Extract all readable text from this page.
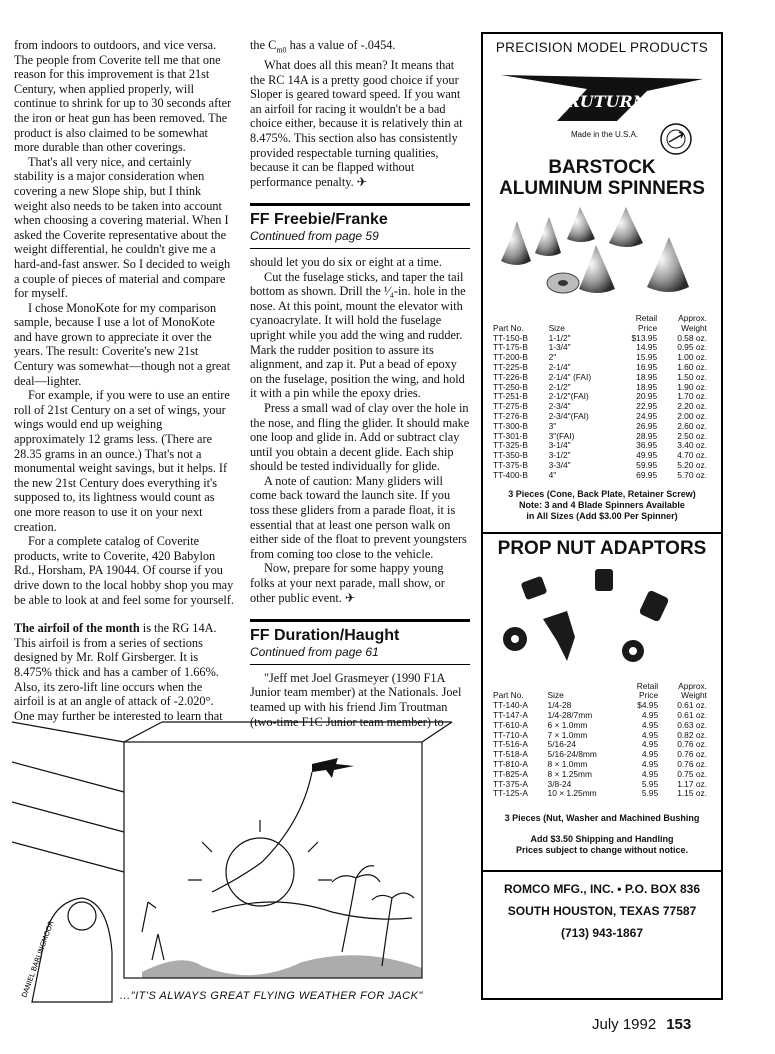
from indoors to outdoors, and vice versa. The people from Coverite tell me that one reason for this improvement is that 21st Century, when applied properly, will continue to shrink for up to 30 seconds after the iron or heat gun has been removed. The product is also claimed to be somewhat more durable than other coverings.

That's all very nice, and certainly stability is a major consideration when covering a new Slope ship, but I think weight also needs to be taken into account when choosing a covering material. When I asked the Coverite representative about the weight differential, he couldn't give me a hard-and-fast answer. So I decided to weigh a couple of pieces of material and compare for myself.

I chose MonoKote for my comparison sample, because I use a lot of MonoKote and have grown to appreciate it over the years. The result: Coverite's new 21st Century was somewhat—though not a great deal—lighter.

For example, if you were to use an entire roll of 21st Century on a set of wings, your wings would end up weighing approximately 12 grams less. (There are 28.35 grams in an ounce.) That's not a monumental weight savings, but it helps. If the new 21st Century does everything it's supposed to, its lightness would count as one more reason to use it on your next creation.

For a complete catalog of Coverite products, write to Coverite, 420 Babylon Rd., Horsham, PA 19044. Of course if you drive down to the local hobby shop you may be able to look at and feel some for yourself.

The airfoil of the month is the RG 14A. This airfoil is from a series of sections designed by Mr. Rolf Girsberger. It is 8.475% thick and has a camber of 1.66%. Also, its zero-lift line occurs when the airfoil is at an angle of attack of -2.020°. One may further be interested to learn that

the $C_{m0}$ has a value of -.0454.

What does all this mean? It means that the RC 14A is a pretty good choice if your Sloper is geared toward speed. If you want an airfoil for racing it wouldn't be a bad choice either, because it is relatively thin at 8.475%. This section also has consistently provided respectable turning qualities, because it can be flapped without performance penalty. ✈

FF Freebie/Franke
Continued from page 59

should let you do six or eight at a time.

Cut the fuselage sticks, and taper the tail bottom as shown. Drill the ¹⁄₄-in. hole in the nose. At this point, mount the elevator with cyanoacrylate. It will hold the fuselage upright while you add the wing and rudder. Mark the rudder position to assure its alignment, and zap it. Put a bead of epoxy on the fuselage, position the wing, and hold it with a pin while the epoxy dries.

Press a small wad of clay over the hole in the nose, and fling the glider. It should make one loop and glide in. Add or subtract clay until you obtain a decent glide. Each ship should be tested individually for glide.

A note of caution: Many gliders will come back toward the launch site. If you toss these gliders from a parade float, it is essential that at least one person walk on either side of the float to prevent youngsters from coming too close to the vehicle.

Now, prepare for some happy young folks at your next parade, mall show, or other public event. ✈

FF Duration/Haught
Continued from page 61

"Jeff met Joel Grasmeyer (1990 F1A Junior team member) at the Nationals. Joel teamed up with his friend Jim Troutman (two-time F1C Junior team member) to

PRECISION MODEL PRODUCTS
TRUTURN
Made in the U.S.A.
BARSTOCK
ALUMINUM SPINNERS
Part No.	Size	Retail
Price	Approx.
Weight
TT-150-B	1-1/2"	$13.95	0.58 oz.
TT-175-B	1-3/4"	14.95	0.95 oz.
TT-200-B	2"	15.95	1.00 oz.
TT-225-B	2-1/4"	16.95	1.60 oz.
TT-226-B	2-1/4" (FAI)	18.95	1.50 oz.
TT-250-B	2-1/2"	18.95	1.90 oz.
TT-251-B	2-1/2"(FAI)	20.95	1.70 oz.
TT-275-B	2-3/4"	22.95	2.20 oz.
TT-276-B	2-3/4"(FAI)	24.95	2.00 oz.
TT-300-B	3"	26.95	2.60 oz.
TT-301-B	3"(FAI)	28.95	2.50 oz.
TT-325-B	3-1/4"	36.95	3.40 oz.
TT-350-B	3-1/2"	49.95	4.70 oz.
TT-375-B	3-3/4"	59.95	5.20 oz.
TT-400-B	4"	69.95	5.70 oz.
3 Pieces (Cone, Back Plate, Retainer Screw)
Note: 3 and 4 Blade Spinners Available
in All Sizes (Add $3.00 Per Spinner)
PROP NUT ADAPTORS
Part No.	Size	Retail
Price	Approx.
Weight
TT-140-A	1/4-28	$4.95	0.61 oz.
TT-147-A	1/4-28/7mm	4.95	0.61 oz.
TT-610-A	6 × 1.0mm	4.95	0.63 oz.
TT-710-A	7 × 1.0mm	4.95	0.82 oz.
TT-516-A	5/16-24	4.95	0.76 oz.
TT-518-A	5/16-24/8mm	4.95	0.76 oz.
TT-810-A	8 × 1.0mm	4.95	0.76 oz.
TT-825-A	8 × 1.25mm	4.95	0.75 oz.
TT-375-A	3/8-24	5.95	1.17 oz.
TT-125-A	10 × 1.25mm	5.95	1.15 oz.
3 Pieces (Nut, Washer and Machined Bushing
Add $3.50 Shipping and Handling
Prices subject to change without notice.
ROMCO MFG., INC. • P.O. BOX 836
SOUTH HOUSTON, TEXAS 77587
(713) 943-1867
DANIEL BARLINGMOOR	..."IT'S ALWAYS GREAT FLYING WEATHER FOR JACK"
July 1992 153
